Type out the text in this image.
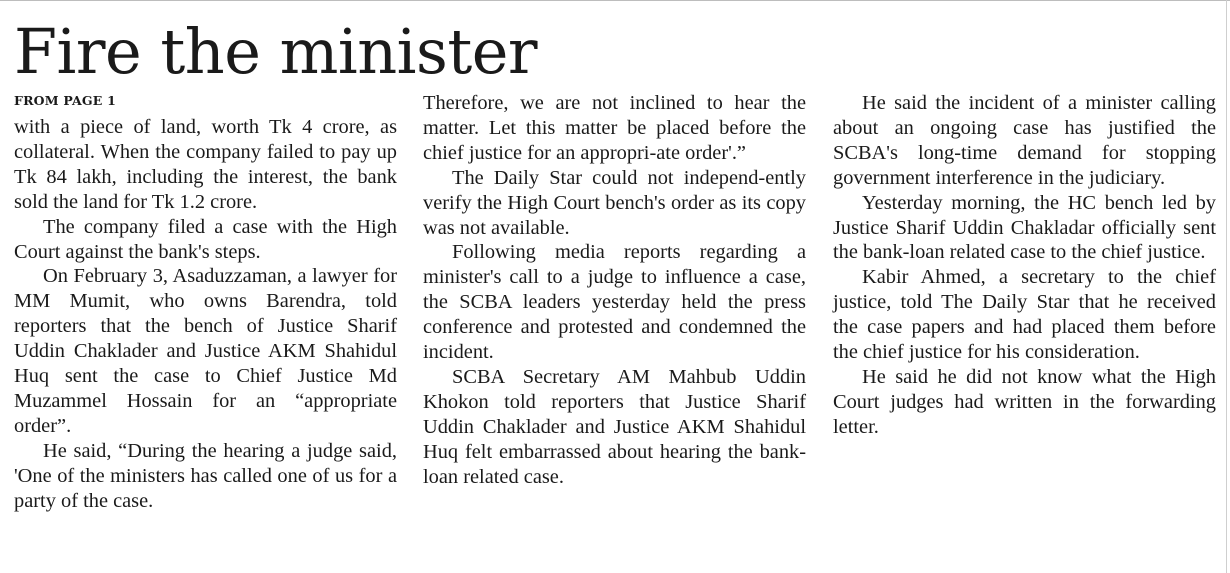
Fire the minister
FROM PAGE 1

with a piece of land, worth Tk 4 crore, as collateral. When the company failed to pay up Tk 84 lakh, including the interest, the bank sold the land for Tk 1.2 crore.

The company filed a case with the High Court against the bank's steps.

On February 3, Asaduzzaman, a lawyer for MM Mumit, who owns Barendra, told reporters that the bench of Justice Sharif Uddin Chaklader and Justice AKM Shahidul Huq sent the case to Chief Justice Md Muzammel Hossain for an “appropriate order”.

He said, “During the hearing a judge said, 'One of the ministers has called one of us for a party of the case.

Therefore, we are not inclined to hear the matter. Let this matter be placed before the chief justice for an appropri-ate order'.”

The Daily Star could not independ-ently verify the High Court bench's order as its copy was not available.

Following media reports regarding a minister's call to a judge to influence a case, the SCBA leaders yesterday held the press conference and protested and condemned the incident.

SCBA Secretary AM Mahbub Uddin Khokon told reporters that Justice Sharif Uddin Chaklader and Justice AKM Shahidul Huq felt embarrassed about hearing the bank-loan related case.

He said the incident of a minister calling about an ongoing case has justified the SCBA's long-time demand for stopping government interference in the judiciary.

Yesterday morning, the HC bench led by Justice Sharif Uddin Chakladar officially sent the bank-loan related case to the chief justice.

Kabir Ahmed, a secretary to the chief justice, told The Daily Star that he received the case papers and had placed them before the chief justice for his consideration.

He said he did not know what the High Court judges had written in the forwarding letter.
